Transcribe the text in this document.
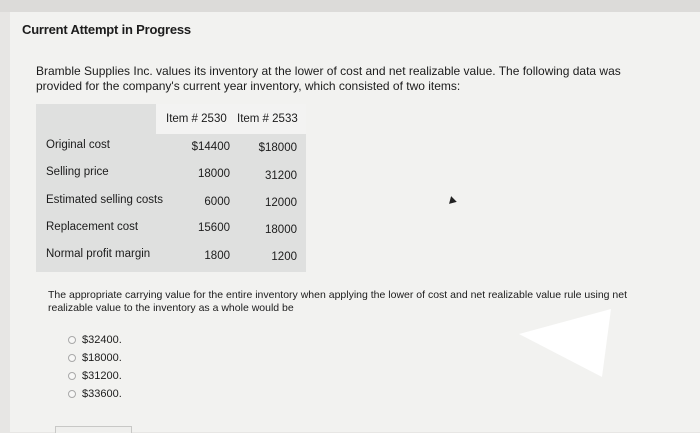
Current Attempt in Progress
Bramble Supplies Inc. values its inventory at the lower of cost and net realizable value. The following data was provided for the company's current year inventory, which consisted of two items:
Item # 2530 Item # 2533
Original cost	$14400 $18000
Selling price	18000	31200
Estimated selling costs	6000	12000
Replacement cost	15600	18000
Normal profit margin	1800	1200
The appropriate carrying value for the entire inventory when applying the lower of cost and net realizable value rule using net realizable value to the inventory as a whole would be
$32400.
$18000.
$31200.
$33600.
